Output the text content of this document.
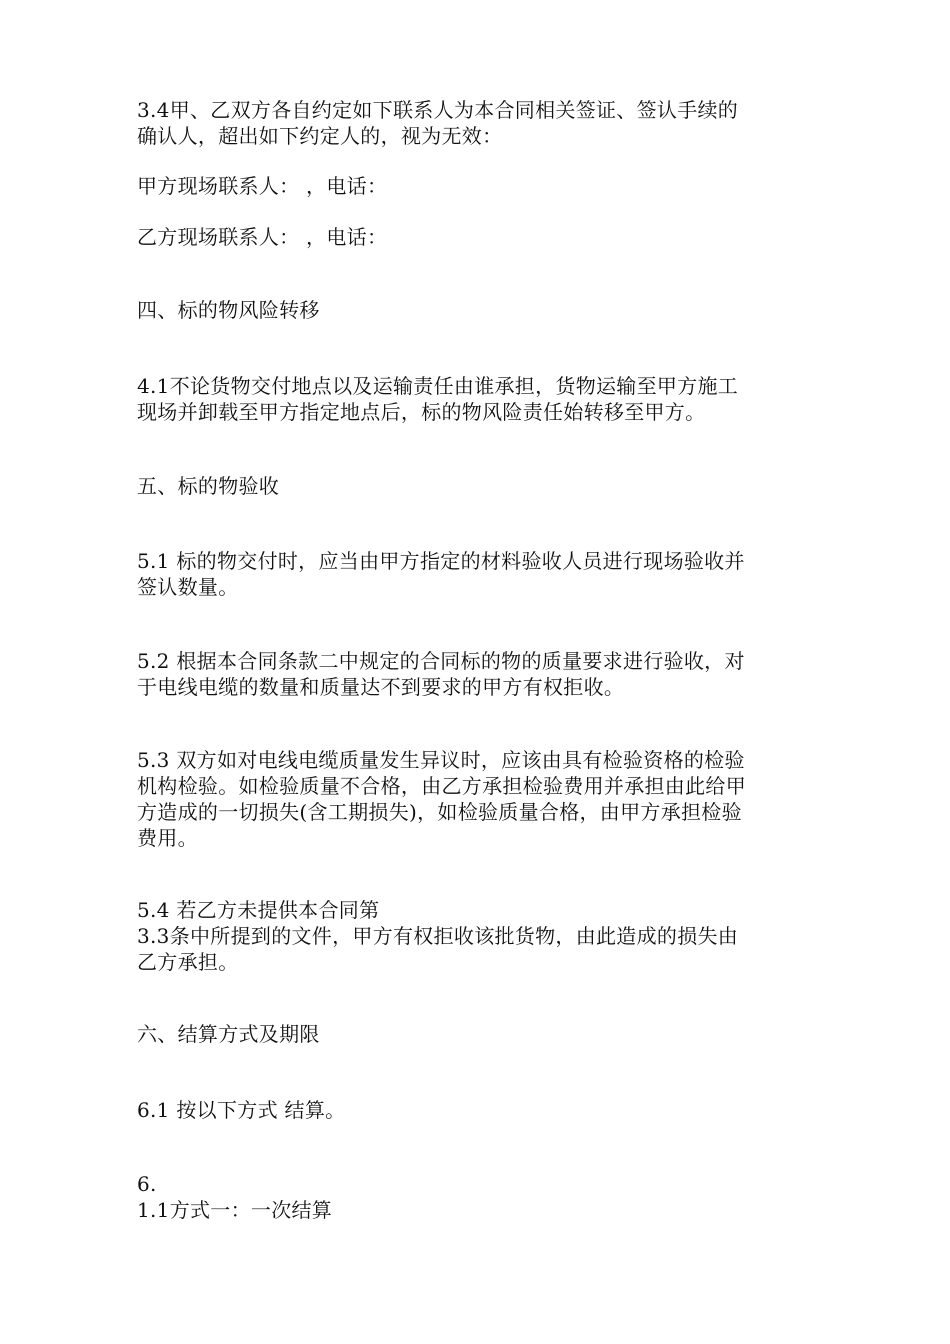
3.4甲、乙双方各自约定如下联系人为本合同相关签证、签认手续的
确认人，超出如下约定人的，视为无效：
甲方现场联系人： ，电话：
乙方现场联系人： ，电话：
四、标的物风险转移
4.1不论货物交付地点以及运输责任由谁承担，货物运输至甲方施工
现场并卸载至甲方指定地点后，标的物风险责任始转移至甲方。
五、标的物验收
5.1 标的物交付时，应当由甲方指定的材料验收人员进行现场验收并
签认数量。
5.2 根据本合同条款二中规定的合同标的物的质量要求进行验收，对
于电线电缆的数量和质量达不到要求的甲方有权拒收。
5.3 双方如对电线电缆质量发生异议时，应该由具有检验资格的检验
机构检验。如检验质量不合格，由乙方承担检验费用并承担由此给甲
方造成的一切损失(含工期损失)，如检验质量合格，由甲方承担检验
费用。
5.4 若乙方未提供本合同第
3.3条中所提到的文件，甲方有权拒收该批货物，由此造成的损失由
乙方承担。
六、结算方式及期限
6.1 按以下方式 结算。
6.
1.1方式一：一次结算
